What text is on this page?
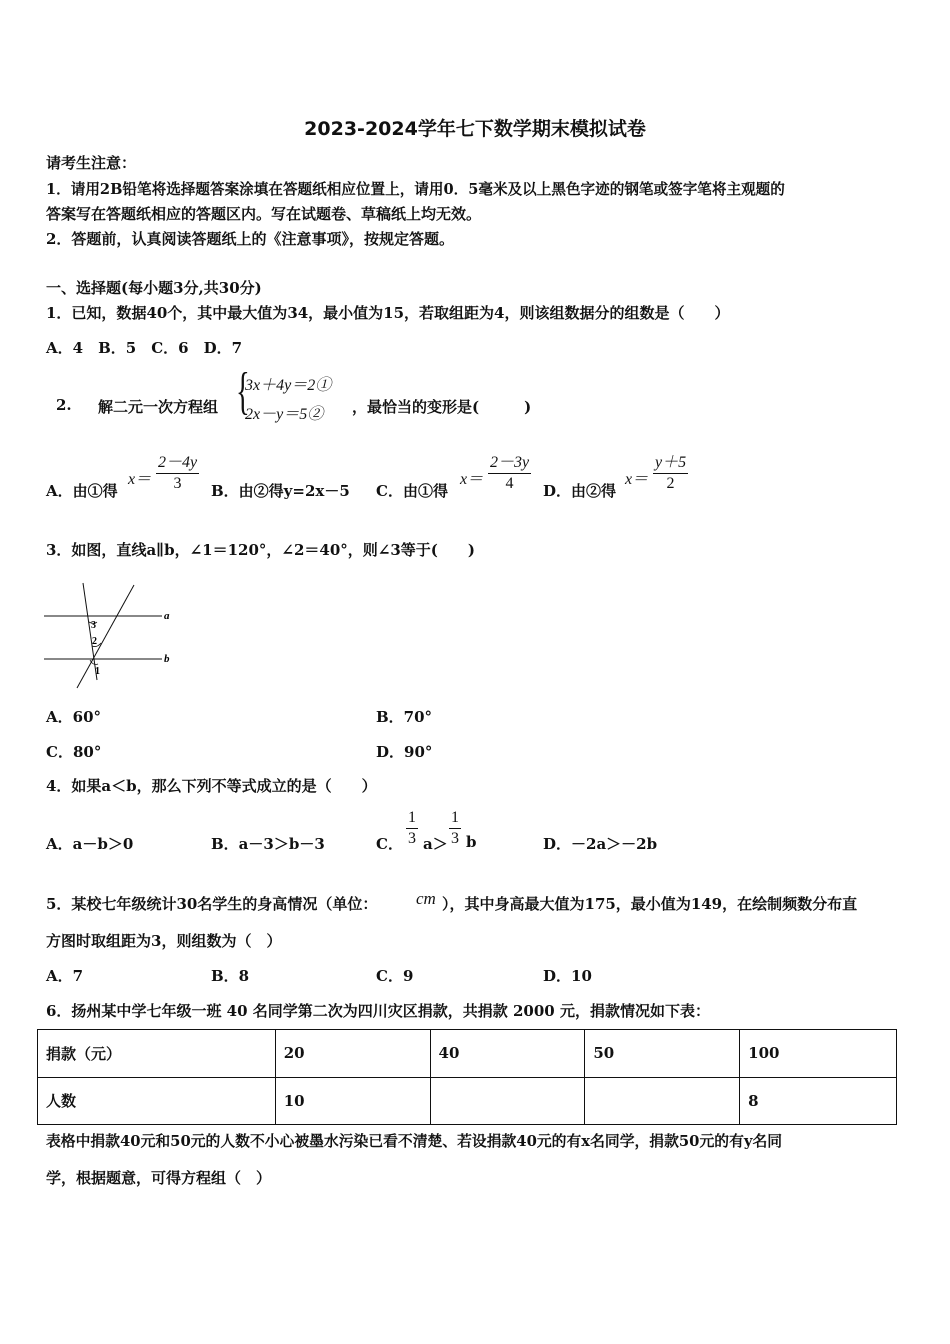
2023-2024学年七下数学期末模拟试卷
请考生注意：
1．请用2B铅笔将选择题答案涂填在答题纸相应位置上，请用0．5毫米及以上黑色字迹的钢笔或签字笔将主观题的
答案写在答题纸相应的答题区内。写在试题卷、草稿纸上均无效。
2．答题前，认真阅读答题纸上的《注意事项》，按规定答题。
一、选择题(每小题3分,共30分)
1．已知，数据40个，其中最大值为34，最小值为15，若取组距为4，则该组数据分的组数是（　　）
A．4　B．5　C．6　D．7
2. 解二元一次方程组 {
3x＋4y＝2①
2x－y＝5② ，最恰当的变形是(　　　)
A．由①得
$x= \frac{2-4y}{3}$ B．由②得y=2x－5 C．由①得
$x= \frac{2-3y}{4}$ D．由②得
$x= \frac{y+5}{2}$
3．如图，直线a∥b，∠1＝120°，∠2＝40°，则∠3等于(　　)
a
b
3
2
1
A．60°	B．70°
C．80°	D．90°
4．如果a＜b，那么下列不等式成立的是（　　）
A．a－b＞0	B．a－3＞b－3	C． $\frac{1}{3} a> \frac{1}{3}$ b	D．－2a＞－2b
5．某校七年级统计30名学生的身高情况（单位： cm ），其中身高最大值为175，最小值为149，在绘制频数分布直
方图时取组距为3，则组数为（　）
A．7	B．8	C．9	D．10
6．扬州某中学七年级一班 40 名同学第二次为四川灾区捐款，共捐款 2000 元，捐款情况如下表：
捐款（元）	20	40	50	100
人数	10			8
表格中捐款40元和50元的人数不小心被墨水污染已看不清楚、若设捐款40元的有x名同学，捐款50元的有y名同
学，根据题意，可得方程组（　）
